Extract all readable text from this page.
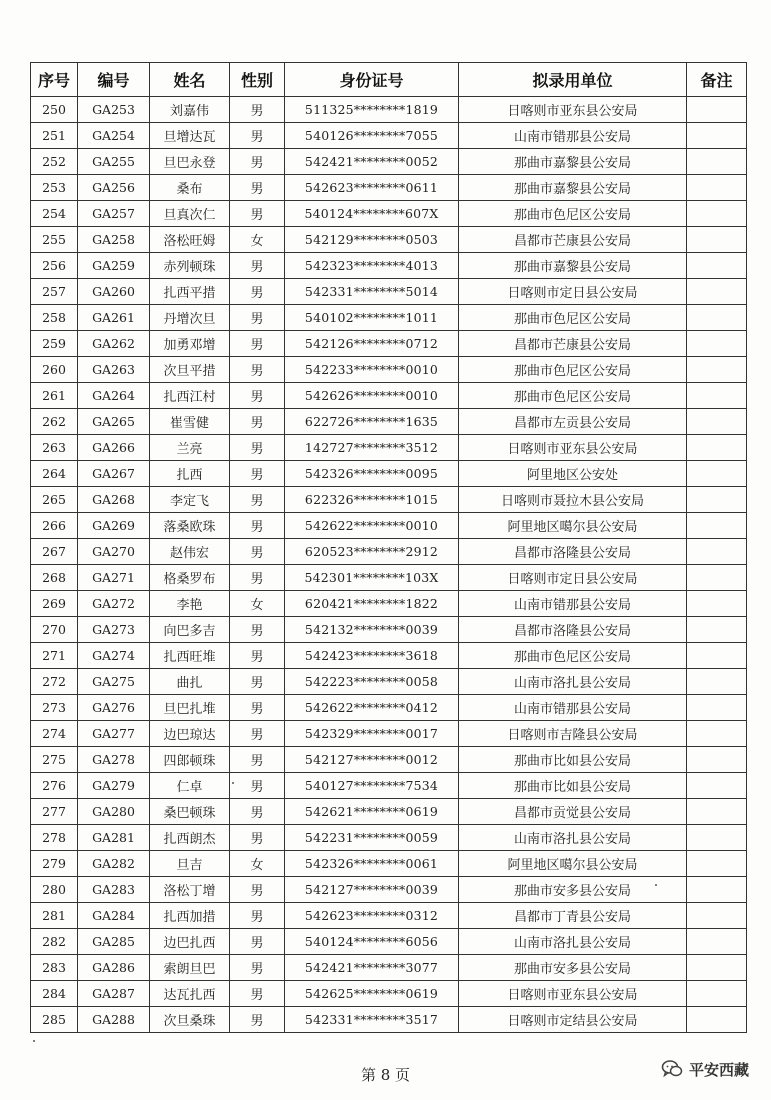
序号	编号	姓名	性别	身份证号	拟录用单位	备注
250	GA253	刘嘉伟	男	511325********1819	日喀则市亚东县公安局	
251	GA254	旦增达瓦	男	540126********7055	山南市错那县公安局	
252	GA255	旦巴永登	男	542421********0052	那曲市嘉黎县公安局	
253	GA256	桑布	男	542623********0611	那曲市嘉黎县公安局	
254	GA257	旦真次仁	男	540124********607X	那曲市色尼区公安局	
255	GA258	洛松旺姆	女	542129********0503	昌都市芒康县公安局	
256	GA259	赤列顿珠	男	542323********4013	那曲市嘉黎县公安局	
257	GA260	扎西平措	男	542331********5014	日喀则市定日县公安局	
258	GA261	丹增次旦	男	540102********1011	那曲市色尼区公安局	
259	GA262	加勇邓增	男	542126********0712	昌都市芒康县公安局	
260	GA263	次旦平措	男	542233********0010	那曲市色尼区公安局	
261	GA264	扎西江村	男	542626********0010	那曲市色尼区公安局	
262	GA265	崔雪健	男	622726********1635	昌都市左贡县公安局	
263	GA266	兰亮	男	142727********3512	日喀则市亚东县公安局	
264	GA267	扎西	男	542326********0095	阿里地区公安处	
265	GA268	李定飞	男	622326********1015	日喀则市聂拉木县公安局	
266	GA269	落桑欧珠	男	542622********0010	阿里地区噶尔县公安局	
267	GA270	赵伟宏	男	620523********2912	昌都市洛隆县公安局	
268	GA271	格桑罗布	男	542301********103X	日喀则市定日县公安局	
269	GA272	李艳	女	620421********1822	山南市错那县公安局	
270	GA273	向巴多吉	男	542132********0039	昌都市洛隆县公安局	
271	GA274	扎西旺堆	男	542423********3618	那曲市色尼区公安局	
272	GA275	曲扎	男	542223********0058	山南市洛扎县公安局	
273	GA276	旦巴扎堆	男	542622********0412	山南市错那县公安局	
274	GA277	边巴琼达	男	542329********0017	日喀则市吉隆县公安局	
275	GA278	四郎顿珠	男	542127********0012	那曲市比如县公安局	
276	GA279	仁卓	男	540127********7534	那曲市比如县公安局	
277	GA280	桑巴顿珠	男	542621********0619	昌都市贡觉县公安局	
278	GA281	扎西朗杰	男	542231********0059	山南市洛扎县公安局	
279	GA282	旦吉	女	542326********0061	阿里地区噶尔县公安局	
280	GA283	洛松丁增	男	542127********0039	那曲市安多县公安局	
281	GA284	扎西加措	男	542623********0312	昌都市丁青县公安局	
282	GA285	边巴扎西	男	540124********6056	山南市洛扎县公安局	
283	GA286	索朗旦巴	男	542421********3077	那曲市安多县公安局	
284	GA287	达瓦扎西	男	542625********0619	日喀则市亚东县公安局	
285	GA288	次旦桑珠	男	542331********3517	日喀则市定结县公安局	
第 8 页	平安西藏
